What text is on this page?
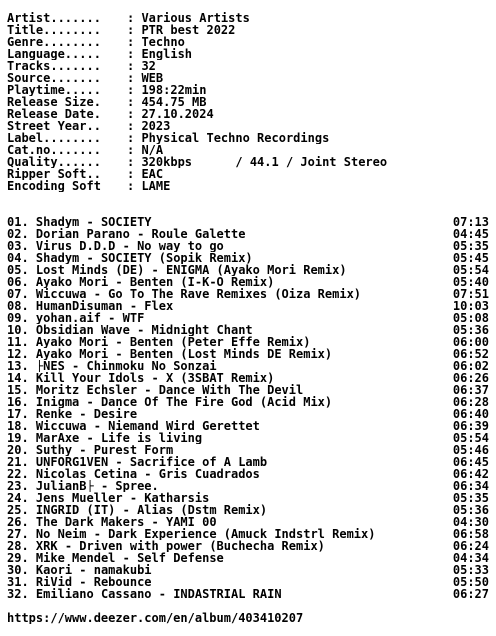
Artist.......	: Various Artists
Title........	: PTR best 2022
Genre........	: Techno
Language.....	: English
Tracks.......	: 32
Source.......	: WEB
Playtime.....	: 198:22min
Release Size.	: 454.75 MB
Release Date.	: 27.10.2024
Street Year..	: 2023
Label........	: Physical Techno Recordings
Cat.no.......	: N/A
Quality......	: 320kbps      / 44.1 / Joint Stereo
Ripper Soft..	: EAC
Encoding Soft	: LAME
01. Shadym - SOCIETY	07:13
02. Dorian Parano - Roule Galette	04:45
03. Virus D.D.D - No way to go	05:35
04. Shadym - SOCIETY (Sopik Remix)	05:45
05. Lost Minds (DE) - ENIGMA (Ayako Mori Remix)	05:54
06. Ayako Mori - Benten (I-K-O Remix)	05:40
07. Wiccuwa - Go To The Rave Remixes (Oiza Remix)	07:51
08. HumanDisuman - Flex	10:03
09. yohan.aif - WTF	05:08
10. Obsidian Wave - Midnight Chant	05:36
11. Ayako Mori - Benten (Peter Effe Remix)	06:00
12. Ayako Mori - Benten (Lost Minds DE Remix)	06:52
13. ├NES - Chinmoku No Sonzai	06:02
14. Kill Your Idols - X (3SBAT Remix)	06:26
15. Moritz Echsler - Dance With The Devil	06:37
16. Inigma - Dance Of The Fire God (Acid Mix)	06:28
17. Renke - Desire	06:40
18. Wiccuwa - Niemand Wird Gerettet	06:39
19. MarAxe - Life is living	05:54
20. Suthy - Purest Form	05:46
21. UNFORG1VEN - Sacrifice of A Lamb	06:45
22. Nicolas Cetina - Gris Cuadrados	06:42
23. JulianB├ - Spree.	06:34
24. Jens Mueller - Katharsis	05:35
25. INGRID (IT) - Alias (Dstm Remix)	05:36
26. The Dark Makers - YAMI 00	04:30
27. No Neim - Dark Experience (Amuck Indstrl Remix)	06:58
28. XRK - Driven with power (Buchecha Remix)	06:24
29. Mike Mendel - Self Defense	04:34
30. Kaori - namakubi	05:33
31. RiVid - Rebounce	05:50
32. Emiliano Cassano - INDASTRIAL RAIN	06:27
https://www.deezer.com/en/album/403410207
